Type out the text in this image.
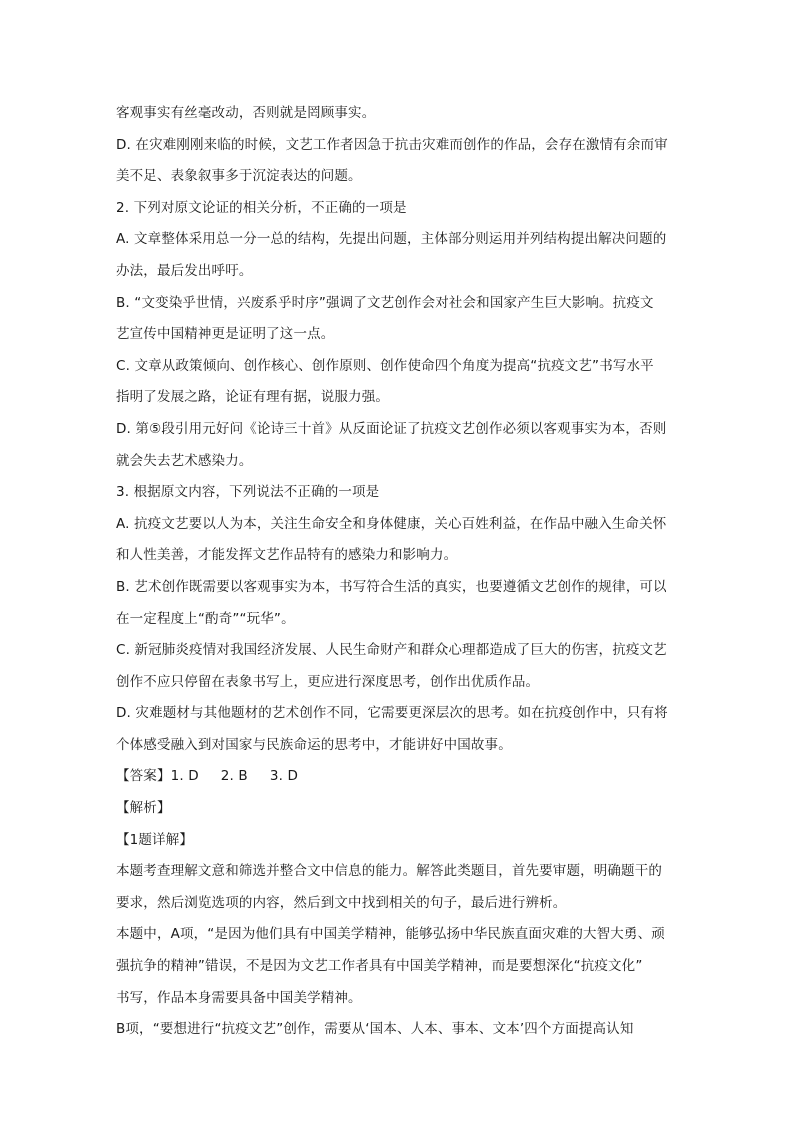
客观事实有丝毫改动，否则就是罔顾事实。
D. 在灾难刚刚来临的时候，文艺工作者因急于抗击灾难而创作的作品，会存在激情有余而审
美不足、表象叙事多于沉淀表达的问题。
2. 下列对原文论证的相关分析，不正确的一项是
A. 文章整体采用总一分一总的结构，先提出问题，主体部分则运用并列结构提出解决问题的
办法，最后发出呼吁。
B. “文变染乎世情，兴废系乎时序”强调了文艺创作会对社会和国家产生巨大影响。抗疫文
艺宣传中国精神更是证明了这一点。
C. 文章从政策倾向、创作核心、创作原则、创作使命四个角度为提高“抗疫文艺”书写水平
指明了发展之路，论证有理有据，说服力强。
D. 第⑤段引用元好问《论诗三十首》从反面论证了抗疫文艺创作必须以客观事实为本，否则
就会失去艺术感染力。
3. 根据原文内容，下列说法不正确的一项是
A. 抗疫文艺要以人为本，关注生命安全和身体健康，关心百姓利益，在作品中融入生命关怀
和人性美善，才能发挥文艺作品特有的感染力和影响力。
B. 艺术创作既需要以客观事实为本，书写符合生活的真实，也要遵循文艺创作的规律，可以
在一定程度上“酌奇”“玩华”。
C. 新冠肺炎疫情对我国经济发展、人民生命财产和群众心理都造成了巨大的伤害，抗疫文艺
创作不应只停留在表象书写上，更应进行深度思考，创作出优质作品。
D. 灾难题材与其他题材的艺术创作不同，它需要更深层次的思考。如在抗疫创作中，只有将
个体感受融入到对国家与民族命运的思考中，才能讲好中国故事。
【答案】1. D 2. B 3. D
【解析】
【1题详解】
本题考查理解文意和筛选并整合文中信息的能力。解答此类题目，首先要审题，明确题干的
要求，然后浏览选项的内容，然后到文中找到相关的句子，最后进行辨析。
本题中，A项，“是因为他们具有中国美学精神，能够弘扬中华民族直面灾难的大智大勇、顽
强抗争的精神”错误，不是因为文艺工作者具有中国美学精神，而是要想深化“抗疫文化”
书写，作品本身需要具备中国美学精神。
B项，“要想进行“抗疫文艺”创作，需要从‘国本、人本、事本、文本’四个方面提高认知
